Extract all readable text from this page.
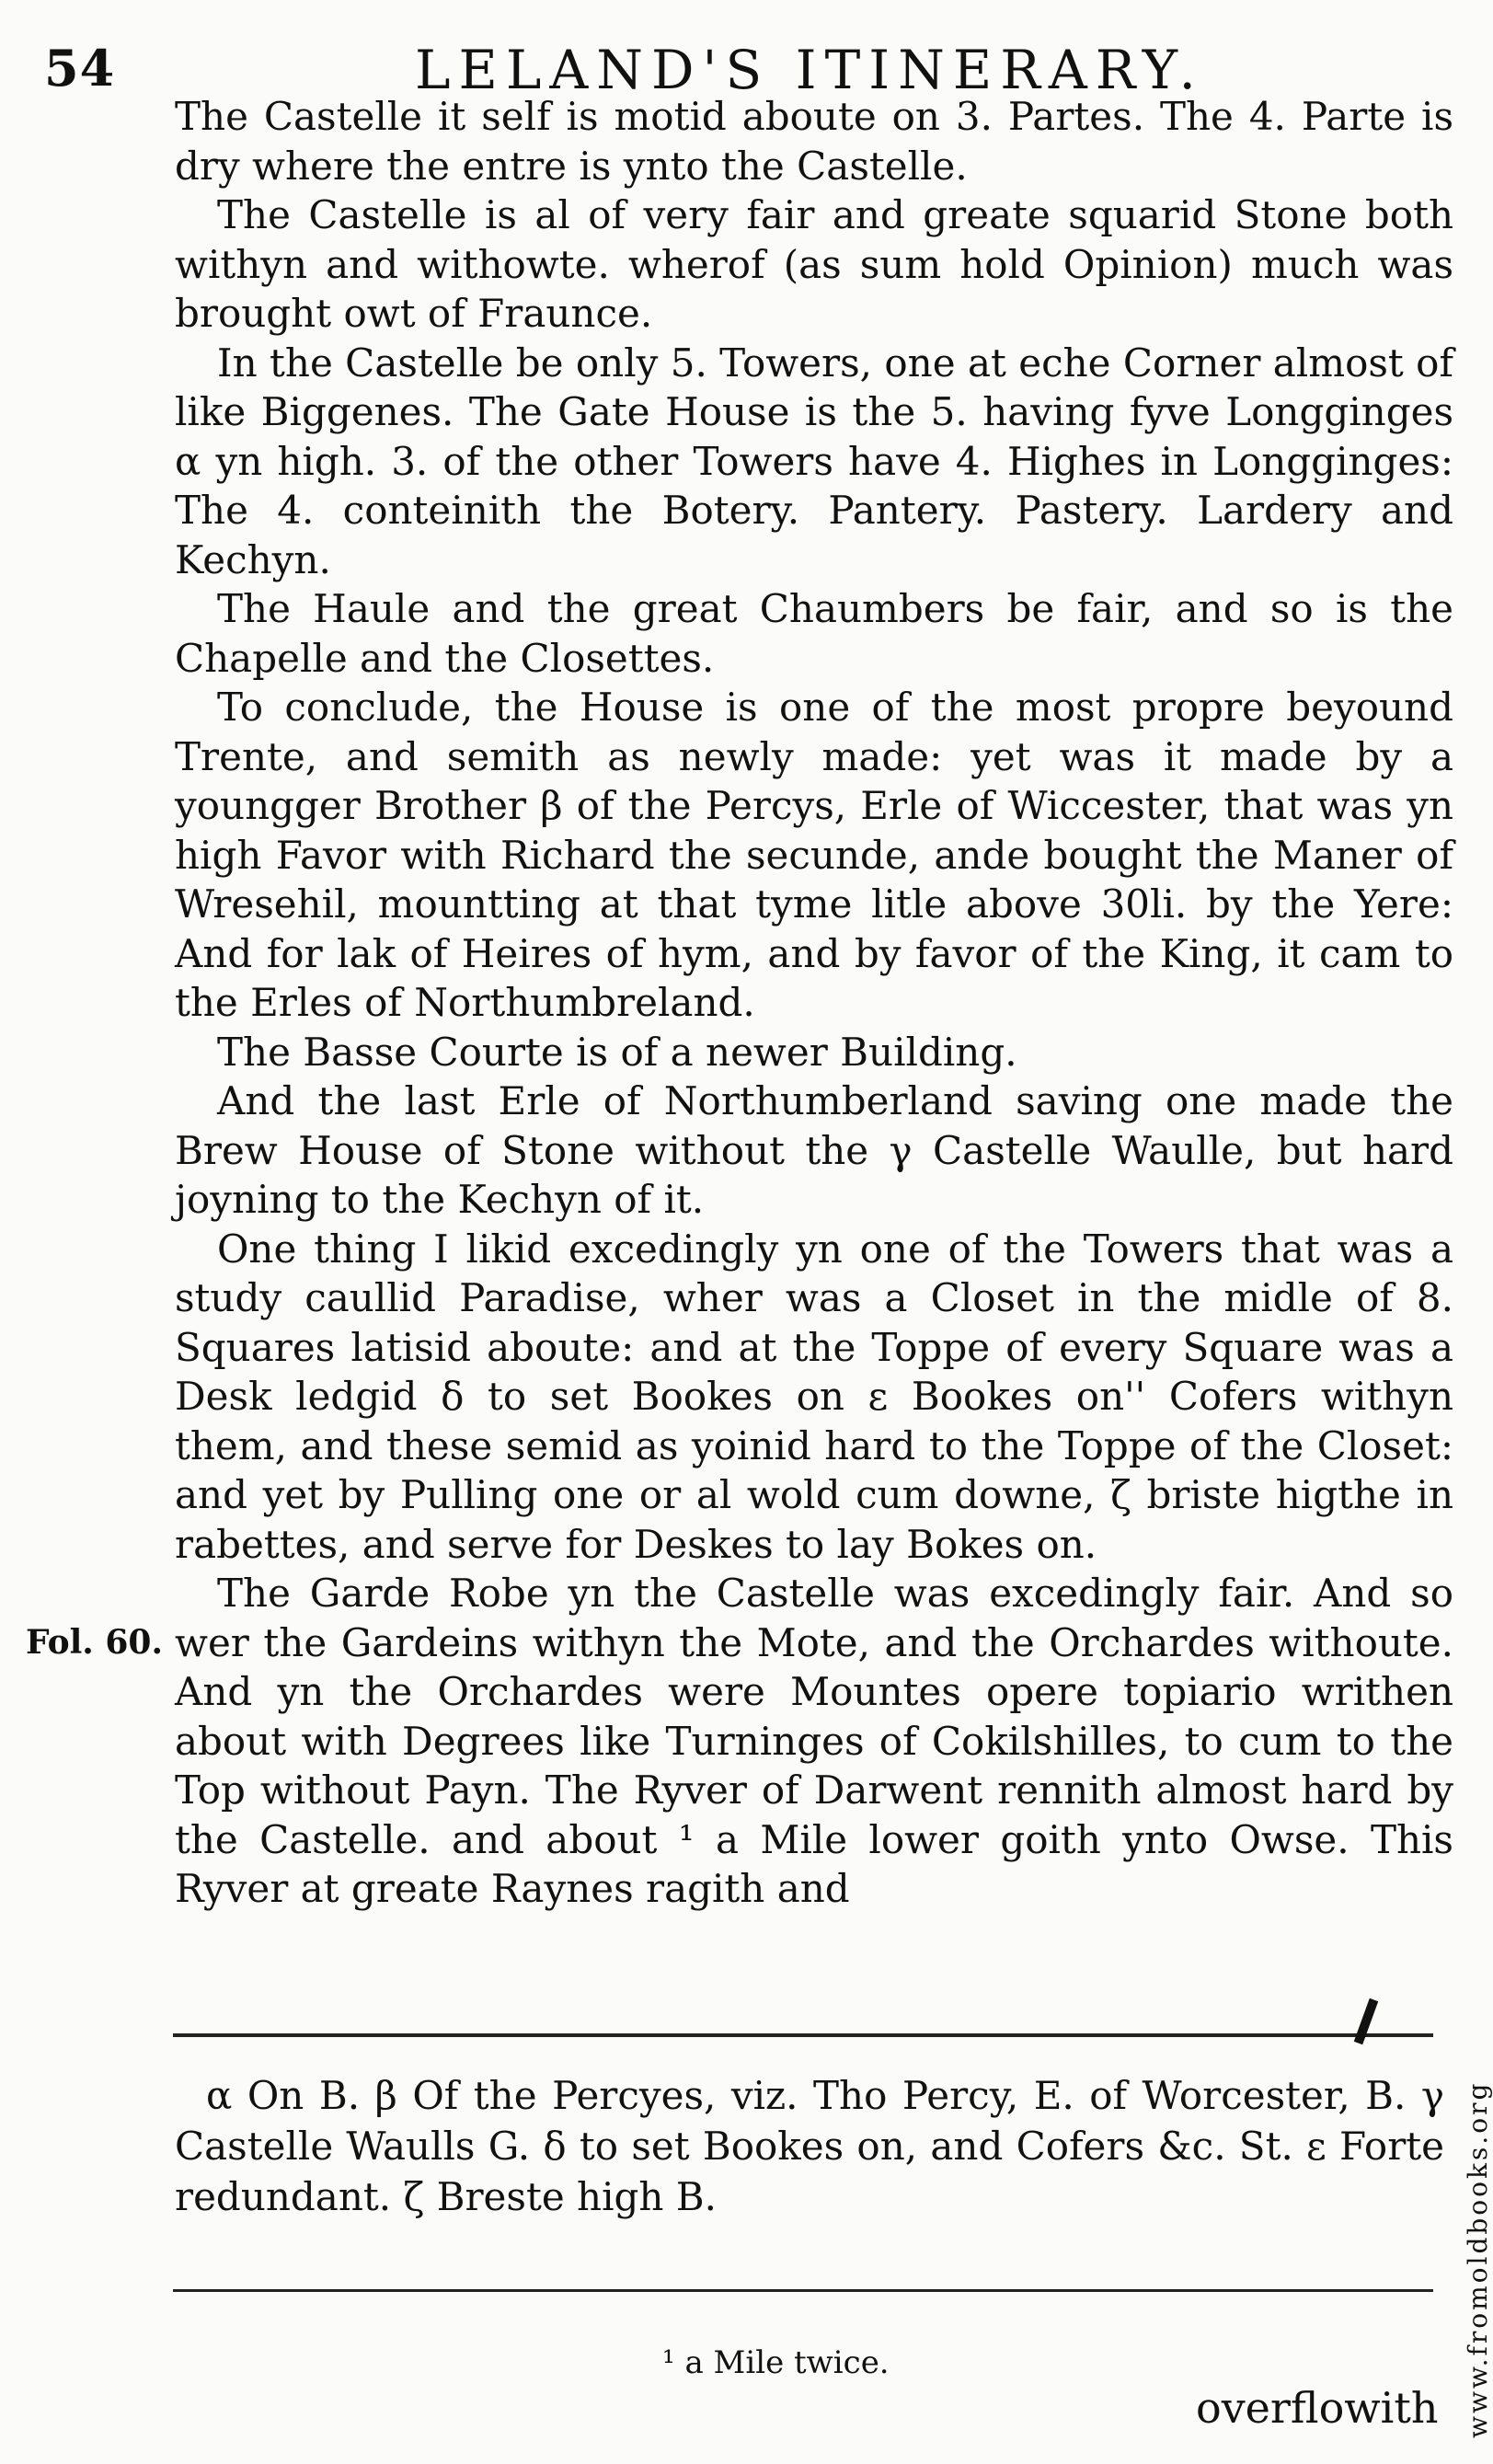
54	LELAND'S ITINERARY.
Fol. 60.

The Castelle it self is motid aboute on 3. Partes. The 4. Parte is dry where the entre is ynto the Castelle.

The Castelle is al of very fair and greate squarid Stone both withyn and withowte. wherof (as sum hold Opinion) much was brought owt of Fraunce.

In the Castelle be only 5. Towers, one at eche Corner almost of like Biggenes. The Gate House is the 5. having fyve Longginges α yn high. 3. of the other Towers have 4. Highes in Longginges: The 4. conteinith the Botery. Pantery. Pastery. Lardery and Kechyn.

The Haule and the great Chaumbers be fair, and so is the Chapelle and the Closettes.

To conclude, the House is one of the most propre beyound Trente, and semith as newly made: yet was it made by a youngger Brother β of the Percys, Erle of Wiccester, that was yn high Favor with Richard the secunde, ande bought the Maner of Wresehil, mountting at that tyme litle above 30li. by the Yere: And for lak of Heires of hym, and by favor of the King, it cam to the Erles of Northumbreland.

The Basse Courte is of a newer Building.

And the last Erle of Northumberland saving one made the Brew House of Stone without the γ Castelle Waulle, but hard joyning to the Kechyn of it.

One thing I likid excedingly yn one of the Towers that was a study caullid Paradise, wher was a Closet in the midle of 8. Squares latisid aboute: and at the Toppe of every Square was a Desk ledgid δ to set Bookes on ε Bookes on'' Cofers withyn them, and these semid as yoinid hard to the Toppe of the Closet: and yet by Pulling one or al wold cum downe, ζ briste higthe in rabettes, and serve for Deskes to lay Bokes on.

The Garde Robe yn the Castelle was excedingly fair. And so wer the Gardeins withyn the Mote, and the Orchardes withoute. And yn the Orchardes were Mountes opere topiario writhen about with Degrees like Turninges of Cokilshilles, to cum to the Top without Payn. The Ryver of Darwent rennith almost hard by the Castelle. and about ¹ a Mile lower goith ynto Owse. This Ryver at greate Raynes ragith and

α On B. β Of the Percyes, viz. Tho Percy, E. of Worcester, B. γ Castelle Waulls G. δ to set Bookes on, and Cofers &c. St. ε Forte redundant. ζ Breste high B.
¹ a Mile twice.
overflowith www.fromoldbooks.org
